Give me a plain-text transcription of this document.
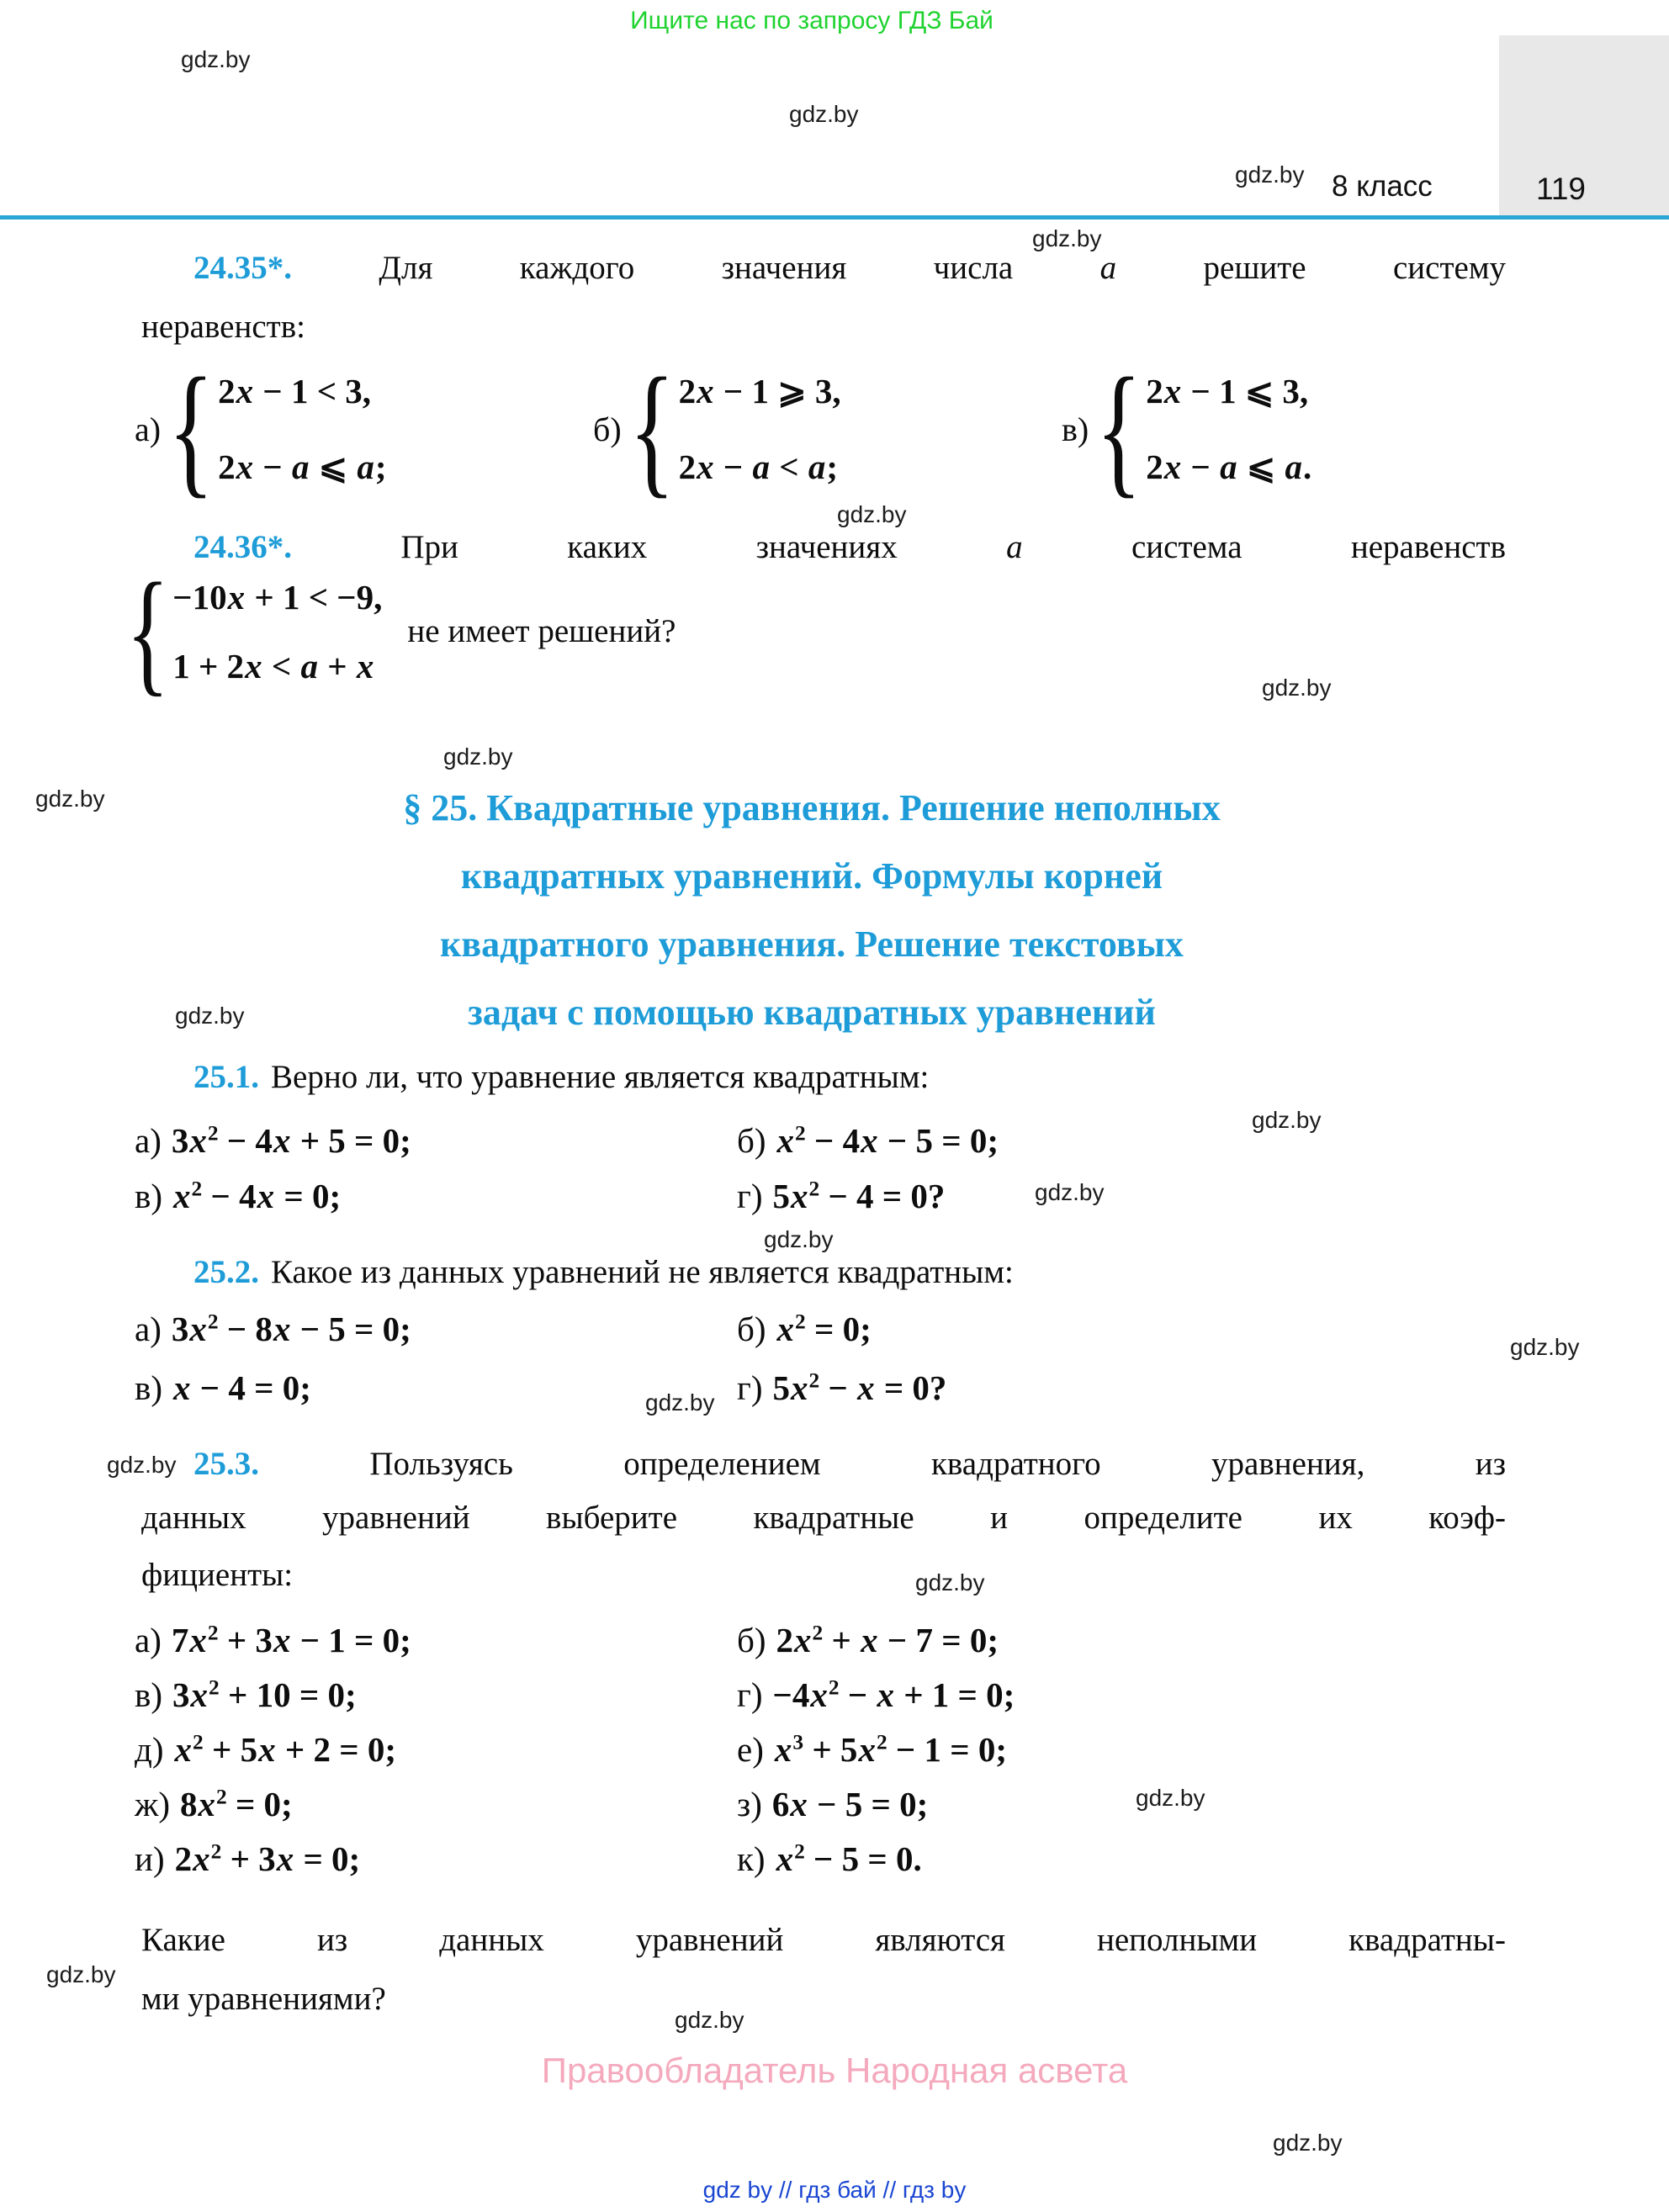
Ищите нас по запросу ГДЗ Бай
gdz.by 8 класс	119
gdz.by
gdz.by
gdz.by
gdz.by
gdz.by
gdz.by
gdz.by
gdz.by
gdz.by
gdz.by
gdz.by
gdz.by
gdz.by
gdz.by
gdz.by
gdz.by
gdz.by
gdz.by
gdz.by
24.35*.	Для каждого значения числа a решите систему
неравенств:
а) { 2x − 1 < 3,
2x − a ⩽ a;
б) { 2x − 1 ⩾ 3,
2x − a < a;
в) { 2x − 1 ⩽ 3,
2x − a ⩽ a.
24.36*.	При каких значениях a система неравенств
{ −10x + 1 < −9,
1 + 2x < a + x
не имеет решений?
§ 25. Квадратные уравнения. Решение неполных
квадратных уравнений. Формулы корней
квадратного уравнения. Решение текстовых
задач с помощью квадратных уравнений
25.1. Верно ли, что уравнение является квадратным:
а) $3x^2 - 4x + 5 = 0$;	б) $x^2 - 4x - 5 = 0$;
в) $x^2 - 4x = 0$;	г) $5x^2 - 4 = 0$?
25.2. Какое из данных уравнений не является квадратным:
а) $3x^2 - 8x - 5 = 0$;	б) $x^2 = 0$;
в) x − 4 = 0;	г) $5x^2 - x = 0$?
25.3.	Пользуясь определением квадратного уравнения, из
данных уравнений выберите квадратные и определите их коэф-
фициенты:
а) $7x^2 + 3x - 1 = 0$;	б) $2x^2 + x - 7 = 0$;
в) $3x^2 + 10 = 0$;	$г) -4x^2 - x + 1 = 0$;
д) $x^2 + 5x + 2 = 0$;	е) $x^3 + 5x^2 - 1 = 0$;
ж) $8x^2 = 0$;	з) 6x − 5 = 0;
и) $2x^2 + 3x = 0$;	к) $x^2 - 5 = 0$.
Какие из данных уравнений являются неполными квадратны-
ми уравнениями?
Правообладатель Народная асвета
gdz by // гдз бай // гдз by
